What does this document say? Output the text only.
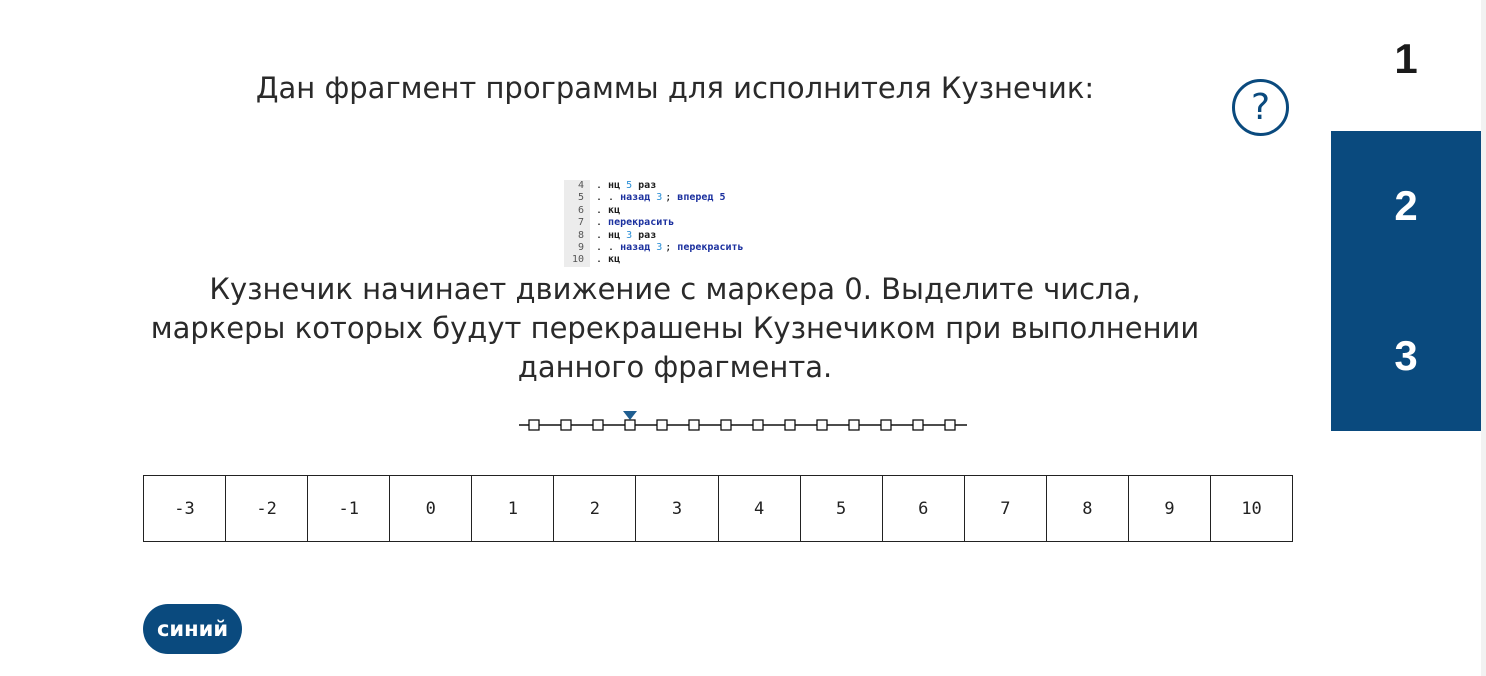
Дан фрагмент программы для исполнителя Кузнечик:	?
4	. нц 5 раз
5	. . назад 3 ; вперед 5
6	. кц
7	. перекрасить
8	. нц 3 раз
9	. . назад 3 ; перекрасить
10	. кц
Кузнечик начинает движение с маркера 0. Выделите числа, маркеры которых будут перекрашены Кузнечиком при выполнении данного фрагмента.
-3	-2	-1	0	1	2	3	4	5	6	7	8	9	10
синий
1
2
3
